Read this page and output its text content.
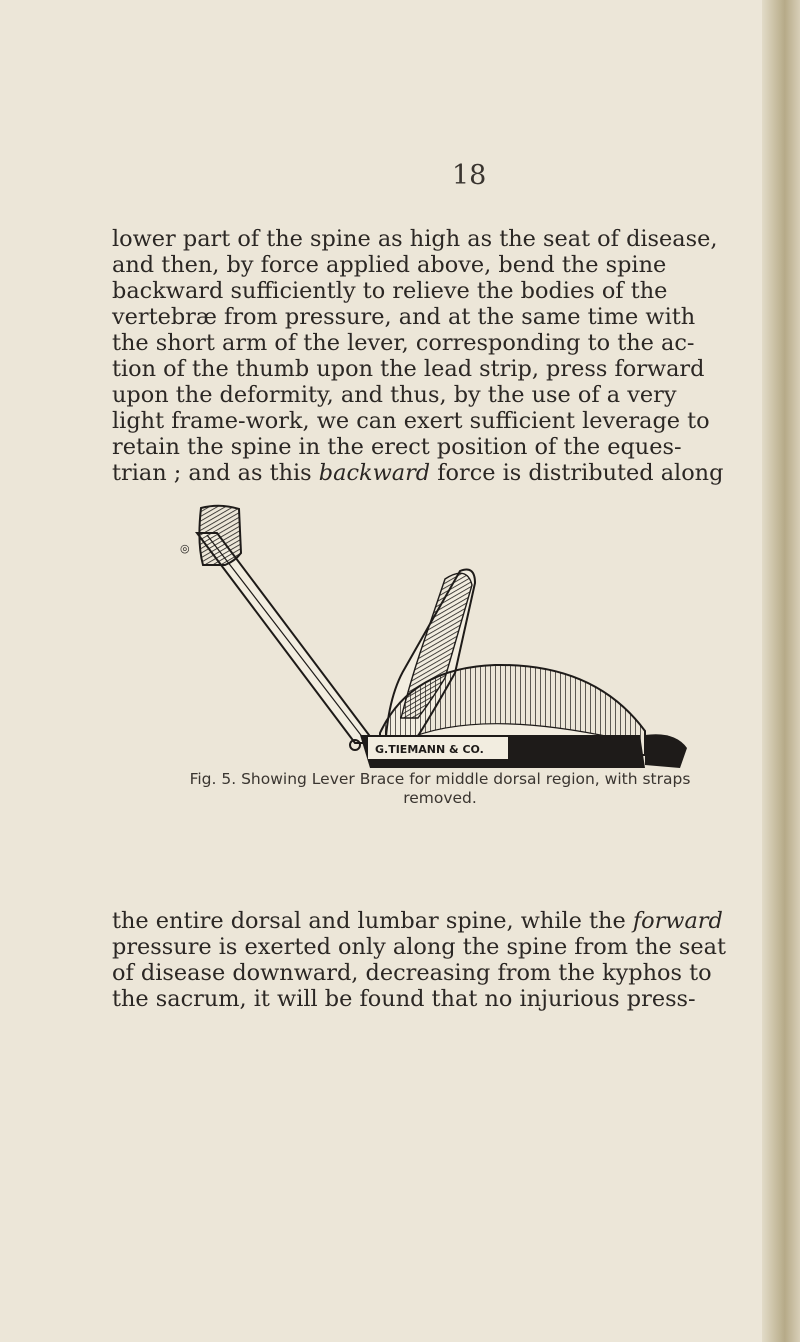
18

lower part of the spine as high as the seat of disease,
and then, by force applied above, bend the spine
backward sufficiently to relieve the bodies of the
vertebræ from pressure, and at the same time with
the short arm of the lever, corresponding to the ac-
tion of the thumb upon the lead strip, press forward
upon the deformity, and thus, by the use of a very
light frame-work, we can exert sufficient leverage to
retain the spine in the erect position of the eques-
trian ; and as this backward force is distributed along

◎
G.TIEMANN & CO.
Fig. 5. Showing Lever Brace for middle dorsal region, with straps
removed.

the entire dorsal and lumbar spine, while the forward
pressure is exerted only along the spine from the seat
of disease downward, decreasing from the kyphos to
the sacrum, it will be found that no injurious press-
